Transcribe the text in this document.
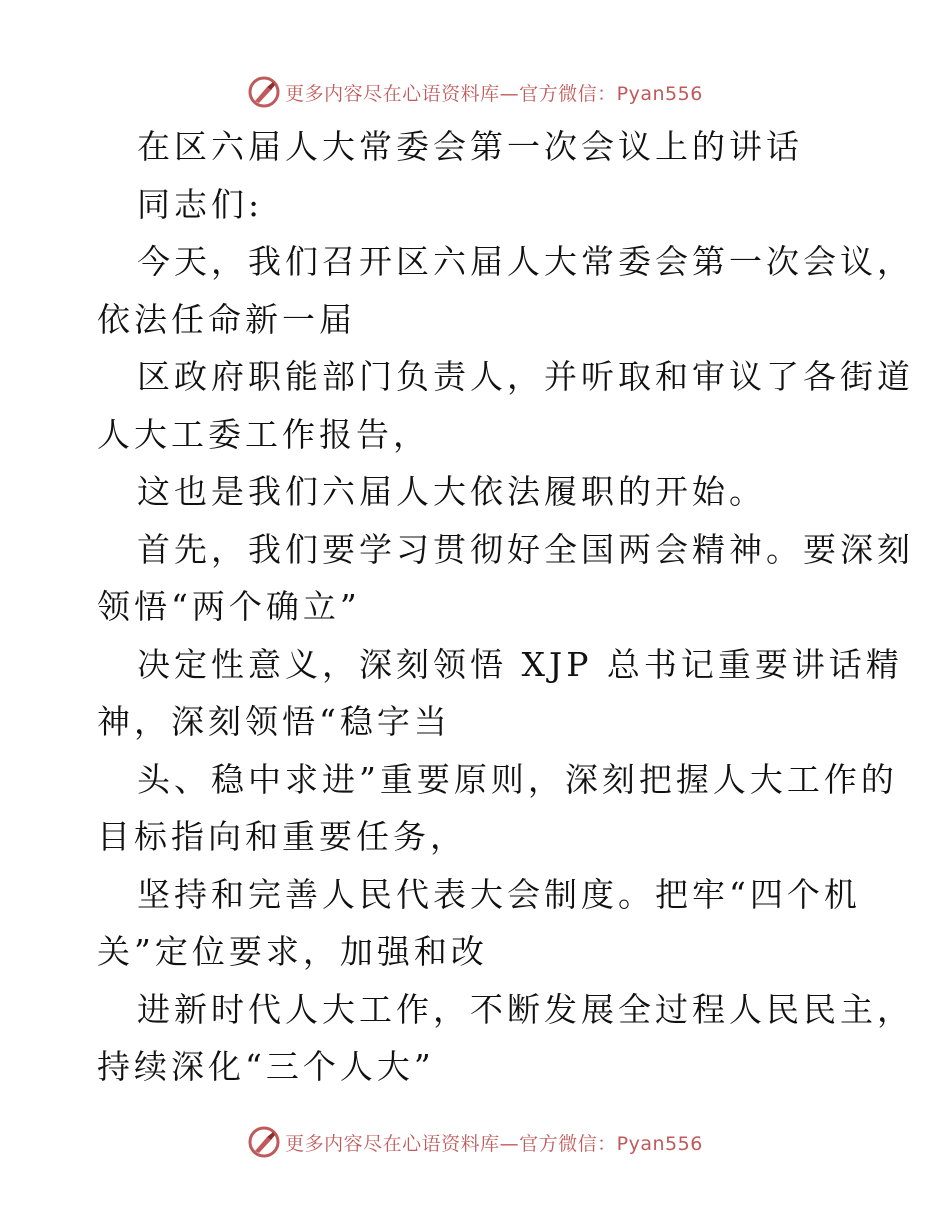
更多内容尽在心语资料库—官方微信：Pyan556
在区六届人大常委会第一次会议上的讲话
同志们:
今天，我们召开区六届人大常委会第一次会议，
依法任命新一届
区政府职能部门负责人，并听取和审议了各街道
人大工委工作报告，
这也是我们六届人大依法履职的开始。
首先，我们要学习贯彻好全国两会精神。要深刻
领悟“两个确立”
决定性意义，深刻领悟 XJP 总书记重要讲话精
神，深刻领悟“稳字当
头、稳中求进”重要原则，深刻把握人大工作的
目标指向和重要任务，
坚持和完善人民代表大会制度。把牢“四个机
关”定位要求，加强和改
进新时代人大工作，不断发展全过程人民民主，
持续深化“三个人大”
更多内容尽在心语资料库—官方微信：Pyan556
